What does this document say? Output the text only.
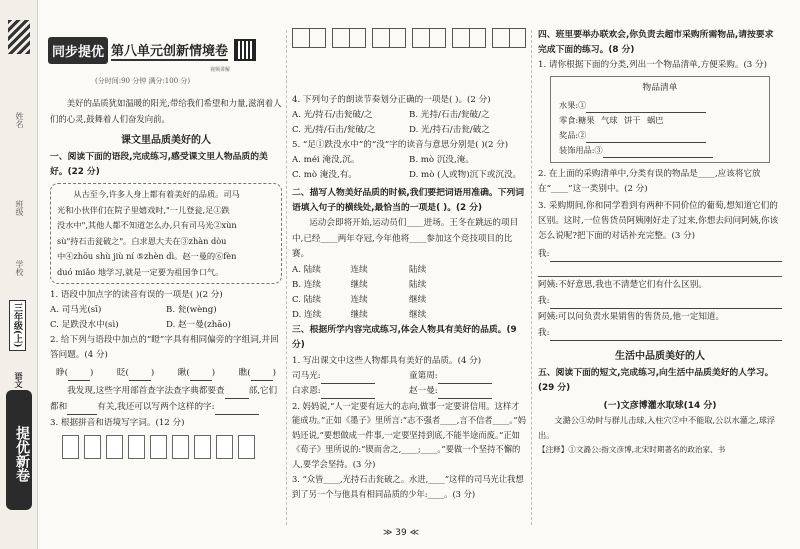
姓名
班级
学校
三年级(上)
语文
提优新卷
同步提优 第八单元创新情境卷
视频讲解
(分时间:90 分钟 满分:100 分)

美好的品质犹如温暖的阳光,带给我们希望和力量,滋润着人们的心灵,鼓舞着人们奋发向前。

课文里品质美好的人
一、阅读下面的语段,完成练习,感受课文里人物品质的美好。(22 分)
从古至今,许多人身上都有着美好的品质。司马
光和小伙伴们在院子里嬉戏时,"一儿登瓮,足①跌
没水中",其他人都不知道怎么办,只有司马光②xùn
sù"持石击瓮破之"。白求恩大夫在③zhàn dòu
中④zhōu shù jiù ní ⑤zhèn dì。赵一曼的⑥fèn
duó miǎo 地学习,就是一定要为祖国争口气。
1. 语段中加点字的读音有误的一项是( )(2 分)
A. 司马光(sī)	B. 瓮(wèng)
C. 足跌没水中(sì)	D. 赵一曼(zhāo)
2. 给下列与语段中加点的“瞪”字具有相同偏旁的字组词,并回答问题。(4 分)
睁(	)	眨(	)	瞅(	)	瞧(	)
我发现,这些字用部首查字法查字典都要查	部,它们都和	有关,我还可以写两个这样的字:
3. 根据拼音和语境写字词。(12 分)
4. 下列句子的朗读节奏划分正确的一项是( )。(2 分)
A. 光/持石/击瓮破/之	B. 光持/石击/瓮破/之
C. 光/持/石击/瓮破/之	D. 光/持石/击瓮/破之
5. “足①跌没水中”的“没”字的读音与意思分别是( )(2 分)
A. méi 淹没,沉。	B. mò 沉没,淹。
C. mò 淹没,有。	D. mò (人或物)沉下或沉没。
二、描写人物美好品质的时候,我们要把词语用准确。下列词语填入句子的横线处,最恰当的一项是( )。(2 分)
运动会即将开始,运动员们____进场。王冬在跳远的项目中,已经____两年夺冠,今年他将____参加这个竞技项目的比赛。
A. 陆续	连续	陆续
B. 连续	继续	陆续
C. 陆续	连续	继续
D. 连续	继续	继续
三、根据所学内容完成练习,体会人物具有美好的品质。(9 分)
1. 写出课文中这些人物都具有美好的品质。(4 分)
司马光:	童第周:
白求恩:	赵一曼:
2. 妈妈说,“人一定要有远大的志向,做事一定要讲信用。这样才能成功。”正如《墨子》里所言:“志不强者____,言不信者____。”妈妈还说,“要想做成一件事,一定要坚持到底,不能半途而废。”正如《荀子》里所说的:“锲而舍之,____;____。”要做一个坚持不懈的人,要学会坚持。(3 分)
3. “众皆____,光持石击瓮破之。水进,____”这样的司马光让我想到了另一个与他具有相同品质的少年:____。(3 分)
四、班里要举办联欢会,你负责去超市采购所需物品,请按要求完成下面的练习。(8 分)
1. 请你根据下面的分类,列出一个物品清单,方便采购。(3 分)
物品清单
水果:①
零食:糖果 气球 饼干 蜗巴
奖品:②
装饰用品:③
2. 在上面的采购清单中,分类有误的物品是____,应该将它放在“____”这一类别中。(2 分)
3. 采购期间,你和同学看到有两种不同价位的葡萄,想知道它们的区别。这时,一位售货员阿姨刚好走了过来,你想去问问阿姨,你该怎么说呢?把下面的对话补充完整。(3 分)
我:
阿姨:不好意思,我也不清楚它们有什么区别。
我:
阿姨:可以问负责水果销售的售货员,他一定知道。
我:
生活中品质美好的人
五、阅读下面的短文,完成练习,向生活中品质美好的人学习。(29 分)
(一)文彦博灌水取球(14 分)
文潞公①幼时与群儿击球,入柱穴②中不能取,公以水灌之,球浮出。
【注释】①文潞公:指文彦博,北宋时期著名的政治家、书
≫ 39 ≪
